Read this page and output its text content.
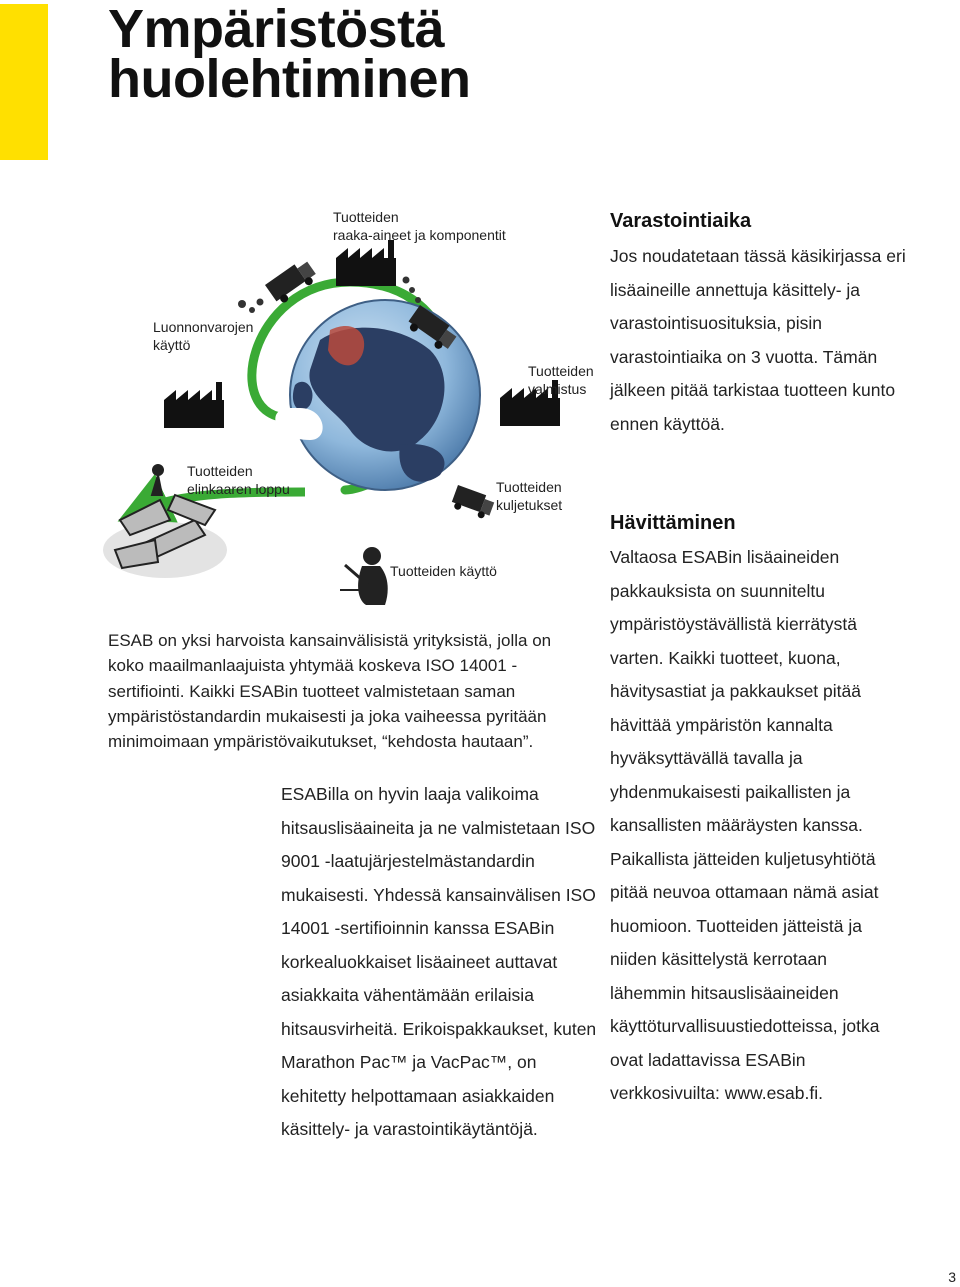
Ympäristöstä
huolehtiminen
Tuotteiden
raaka-aineet ja komponentit
Luonnonvarojen
käyttö
Tuotteiden
valmistus
Tuotteiden
elinkaaren loppu	Tuotteiden
kuljetukset
Tuotteiden käyttö

ESAB on yksi harvoista kansainvälisistä yrityksistä, jolla on koko maailmanlaajuista yhtymää koskeva ISO 14001 -sertifiointi. Kaikki ESABin tuotteet valmistetaan saman ympäristöstandardin mukaisesti ja joka vaiheessa pyritään minimoimaan ympäristövaikutukset, “kehdosta hautaan”.

ESABilla on hyvin laaja valikoima hitsauslisäaineita ja ne valmistetaan ISO 9001 -laatujärjestelmästandardin mukaisesti. Yhdessä kansainvälisen ISO 14001 -sertifioinnin kanssa ESABin korkealuokkaiset lisäaineet auttavat asiakkaita vähentämään erilaisia hitsausvirheitä. Erikoispakkaukset, kuten Marathon Pac™ ja VacPac™, on kehitetty helpottamaan asiakkaiden käsittely- ja varastointikäytäntöjä.

Varastointiaika

Jos noudatetaan tässä käsikirjassa eri lisäaineille annettuja käsittely- ja varastointisuosituksia, pisin varastointiaika on 3 vuotta. Tämän jälkeen pitää tarkistaa tuotteen kunto ennen käyttöä.

Hävittäminen

Valtaosa ESABin lisäaineiden pakkauksista on suunniteltu ympäristöystävällistä kierrätystä varten. Kaikki tuotteet, kuona, hävitysastiat ja pakkaukset pitää hävittää ympäristön kannalta hyväksyttävällä tavalla ja yhdenmukaisesti paikallisten ja kansallisten määräysten kanssa. Paikallista jätteiden kuljetusyhtiötä pitää neuvoa ottamaan nämä asiat huomioon. Tuotteiden jätteistä ja niiden käsittelystä kerrotaan lähemmin hitsauslisäaineiden käyttöturvallisuustiedotteissa, jotka ovat ladattavissa ESABin verkkosivuilta: www.esab.fi.

3
